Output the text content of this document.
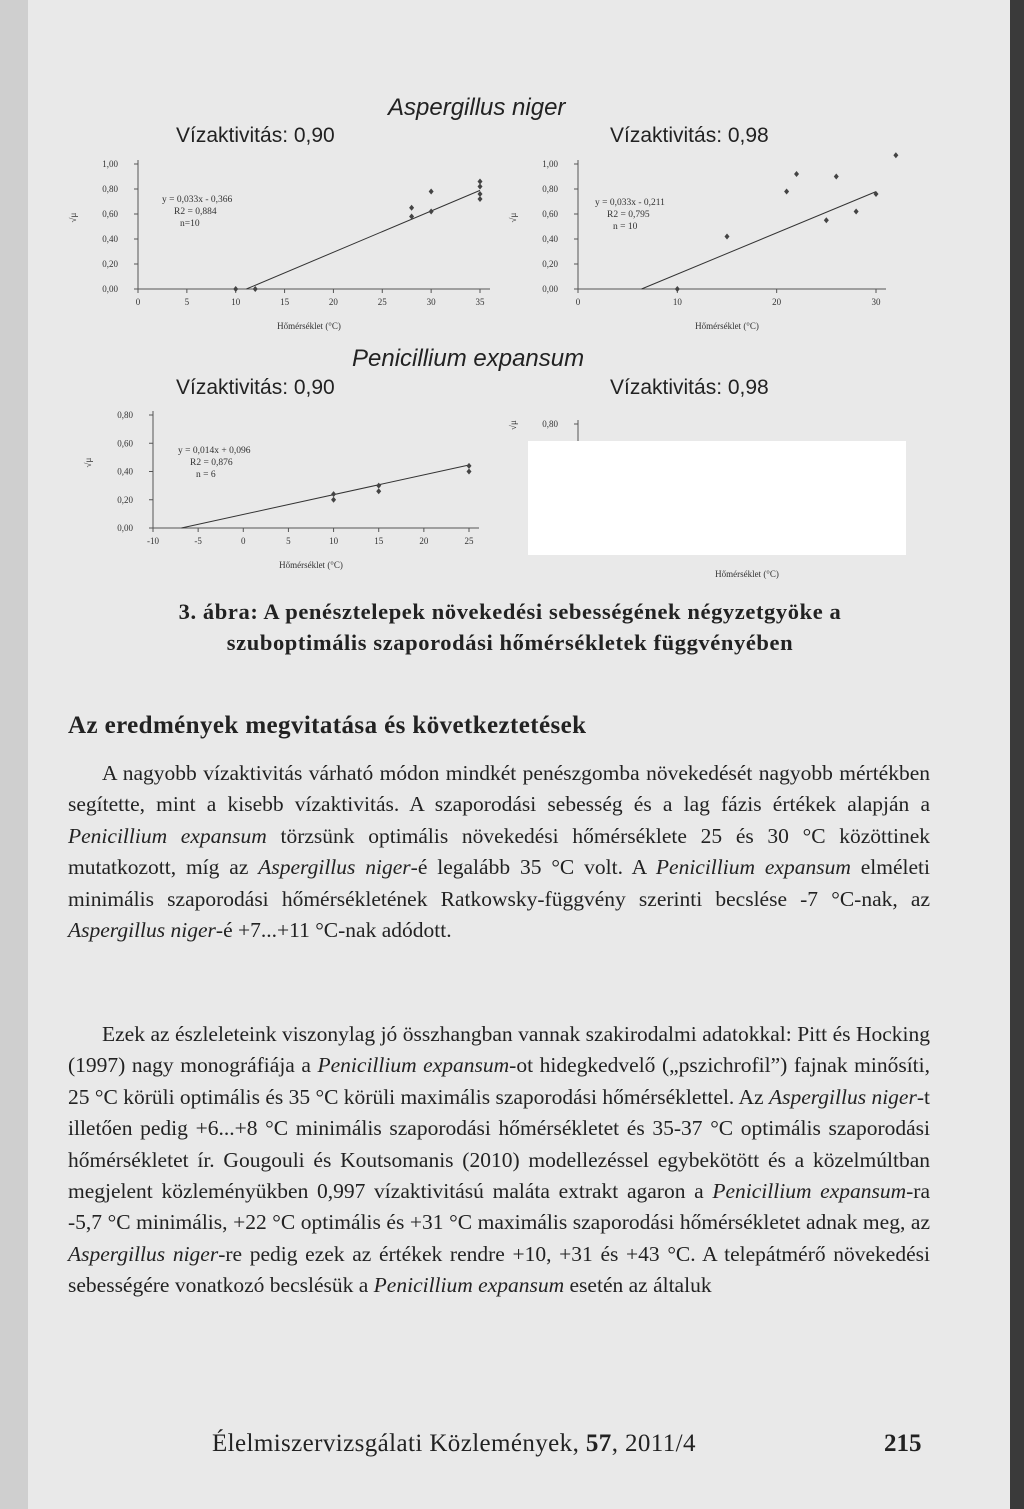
Aspergillus niger
Vízaktivitás: 0,90	Vízaktivitás: 0,98
Penicillium expansum
Vízaktivitás: 0,90	Vízaktivitás: 0,98
0,00
0,20
0,40
0,60
0,80
1,00
√μ
0	5	10	15	20	25	30	35
Hőmérséklet (°C)
y = 0,033x - 0,366
R2 = 0,884
n=10
0,00
0,20
0,40
0,60
0,80
1,00
√μ
0	10	20	30
Hőmérséklet (°C)
y = 0,033x - 0,211
R2 = 0,795
n = 10
0,00
0,20
0,40
0,60
0,80
√μ
-10	-5	0	5	10	15	20	25
Hőmérséklet (°C)
y = 0,014x + 0,096
R2 = 0,876
n = 6
0,80
√μ
Hőmérséklet (°C)
3. ábra: A penésztelepek növekedési sebességének négyzetgyöke a
szuboptimális szaporodási hőmérsékletek függvényében
Az eredmények megvitatása és következtetések

A nagyobb vízaktivitás várható módon mindkét penészgomba növekedését nagyobb mértékben segítette, mint a kisebb vízaktivitás. A szaporodási sebesség és a lag fázis értékek alapján a Penicillium expansum törzsünk optimális növekedési hőmérséklete 25 és 30 °C közöttinek mutatkozott, míg az Aspergillus niger-é legalább 35 °C volt. A Penicillium expansum elméleti minimális szaporodási hőmérsékletének Ratkowsky-függvény szerinti becslése -7 °C-nak, az Aspergillus niger-é +7...+11 °C-nak adódott.

Ezek az észleleteink viszonylag jó összhangban vannak szakirodalmi adatokkal: Pitt és Hocking (1997) nagy monográfiája a Penicillium expansum-ot hidegkedvelő („pszichrofil”) fajnak minősíti, 25 °C körüli optimális és 35 °C körüli maximális szaporodási hőmérséklettel. Az Aspergillus niger-t illetően pedig +6...+8 °C minimális szaporodási hőmérsékletet és 35-37 °C optimális szaporodási hőmérsékletet ír. Gougouli és Koutsomanis (2010) modellezéssel egybekötött és a közelmúltban megjelent közleményükben 0,997 vízaktivitású maláta extrakt agaron a Penicillium expansum-ra -5,7 °C minimális, +22 °C optimális és +31 °C maximális szaporodási hőmérsékletet adnak meg, az Aspergillus niger-re pedig ezek az értékek rendre +10, +31 és +43 °C. A telepátmérő növekedési sebességére vonatkozó becslésük a Penicillium expansum esetén az általuk

Élelmiszervizsgálati Közlemények, 57, 2011/4	215
